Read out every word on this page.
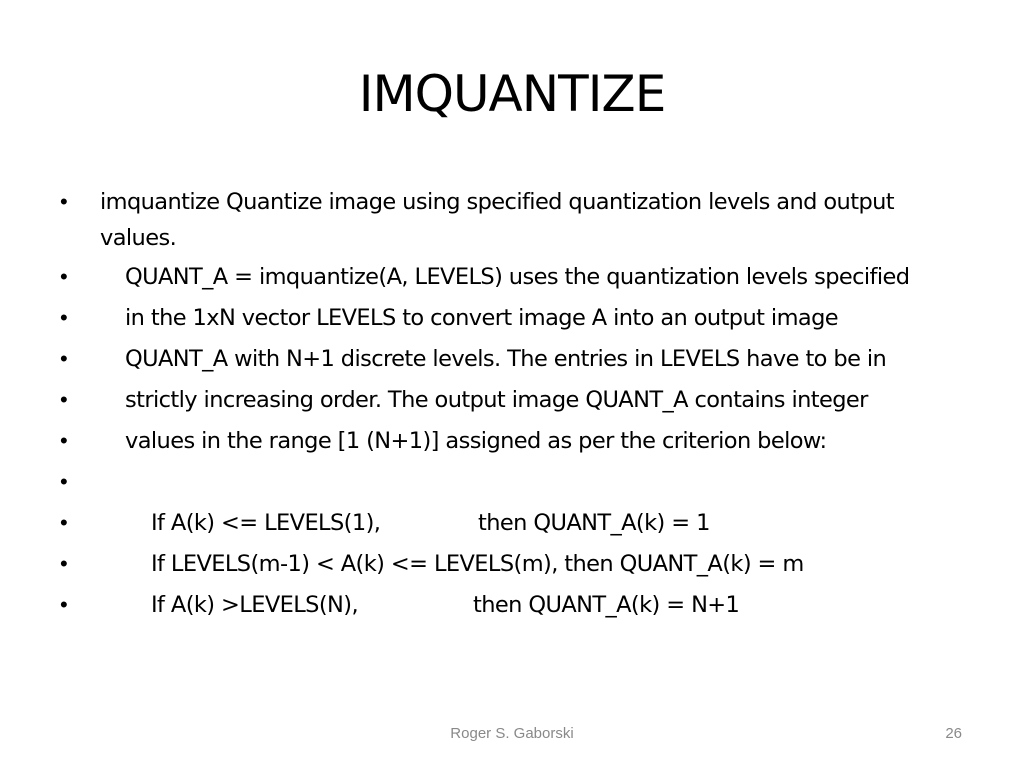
IMQUANTIZE
• imquantize Quantize image using specified quantization levels and output values.
•	QUANT_A = imquantize(A, LEVELS) uses the quantization levels specified
•	in the 1xN vector LEVELS to convert image A into an output image
•	QUANT_A with N+1 discrete levels. The entries in LEVELS have to be in
•	strictly increasing order. The output image QUANT_A contains integer
•	values in the range [1 (N+1)] assigned as per the criterion below:
•
•	If A(k) <= LEVELS(1),	then QUANT_A(k) = 1
•	If LEVELS(m-1) < A(k) <= LEVELS(m), then QUANT_A(k) = m
•	If A(k) >LEVELS(N),	then QUANT_A(k) = N+1
Roger S. Gaborski	26
